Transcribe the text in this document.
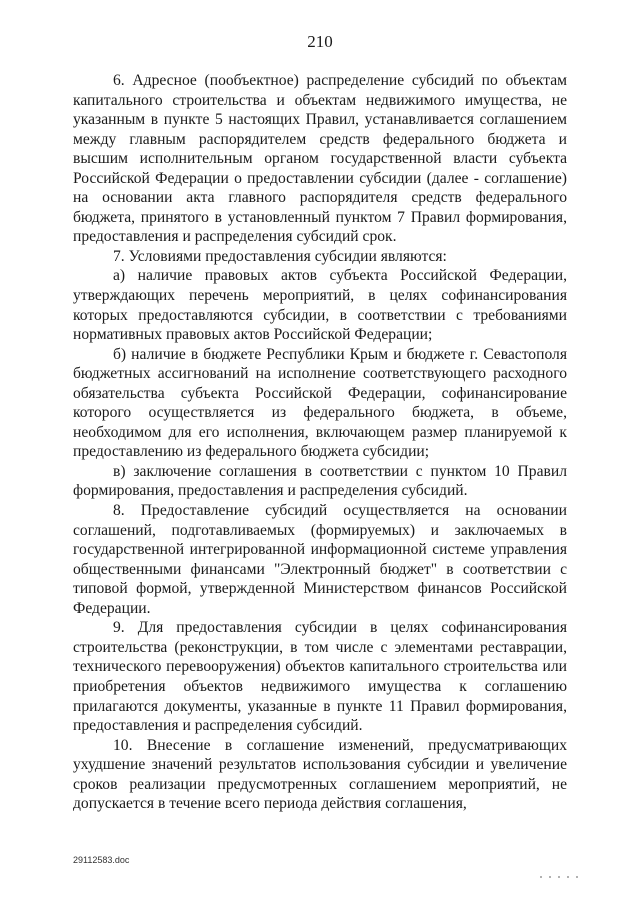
210

6. Адресное (пообъектное) распределение субсидий по объектам капитального строительства и объектам недвижимого имущества, не указанным в пункте 5 настоящих Правил, устанавливается соглашением между главным распорядителем средств федерального бюджета и высшим исполнительным органом государственной власти субъекта Российской Федерации о предоставлении субсидии (далее - соглашение) на основании акта главного распорядителя средств федерального бюджета, принятого в установленный пунктом 7 Правил формирования, предоставления и распределения субсидий срок.

7. Условиями предоставления субсидии являются:

а) наличие правовых актов субъекта Российской Федерации, утверждающих перечень мероприятий, в целях софинансирования которых предоставляются субсидии, в соответствии с требованиями нормативных правовых актов Российской Федерации;

б) наличие в бюджете Республики Крым и бюджете г. Севастополя бюджетных ассигнований на исполнение соответствующего расходного обязательства субъекта Российской Федерации, софинансирование которого осуществляется из федерального бюджета, в объеме, необходимом для его исполнения, включающем размер планируемой к предоставлению из федерального бюджета субсидии;

в) заключение соглашения в соответствии с пунктом 10 Правил формирования, предоставления и распределения субсидий.

8. Предоставление субсидий осуществляется на основании соглашений, подготавливаемых (формируемых) и заключаемых в государственной интегрированной информационной системе управления общественными финансами "Электронный бюджет" в соответствии с типовой формой, утвержденной Министерством финансов Российской Федерации.

9. Для предоставления субсидии в целях софинансирования строительства (реконструкции, в том числе с элементами реставрации, технического перевооружения) объектов капитального строительства или приобретения объектов недвижимого имущества к соглашению прилагаются документы, указанные в пункте 11 Правил формирования, предоставления и распределения субсидий.

10. Внесение в соглашение изменений, предусматривающих ухудшение значений результатов использования субсидии и увеличение сроков реализации предусмотренных соглашением мероприятий, не допускается в течение всего периода действия соглашения,

29112583.doc
